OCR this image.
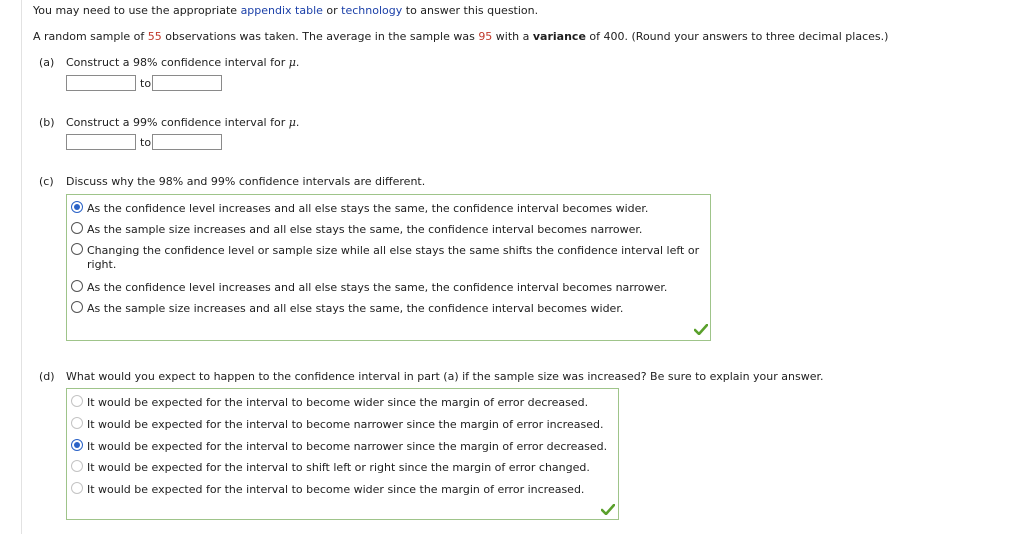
You may need to use the appropriate appendix table or technology to answer this question.
A random sample of 55 observations was taken. The average in the sample was 95 with a variance of 400. (Round your answers to three decimal places.)
(a) Construct a 98% confidence interval for μ.
to
(b) Construct a 99% confidence interval for μ.
to
(c) Discuss why the 98% and 99% confidence intervals are different.
As the confidence level increases and all else stays the same, the confidence interval becomes wider.
As the sample size increases and all else stays the same, the confidence interval becomes narrower.
Changing the confidence level or sample size while all else stays the same shifts the confidence interval left or
right.
As the confidence level increases and all else stays the same, the confidence interval becomes narrower.
As the sample size increases and all else stays the same, the confidence interval becomes wider.
(d) What would you expect to happen to the confidence interval in part (a) if the sample size was increased? Be sure to explain your answer.
It would be expected for the interval to become wider since the margin of error decreased.
It would be expected for the interval to become narrower since the margin of error increased.
It would be expected for the interval to become narrower since the margin of error decreased.
It would be expected for the interval to shift left or right since the margin of error changed.
It would be expected for the interval to become wider since the margin of error increased.
